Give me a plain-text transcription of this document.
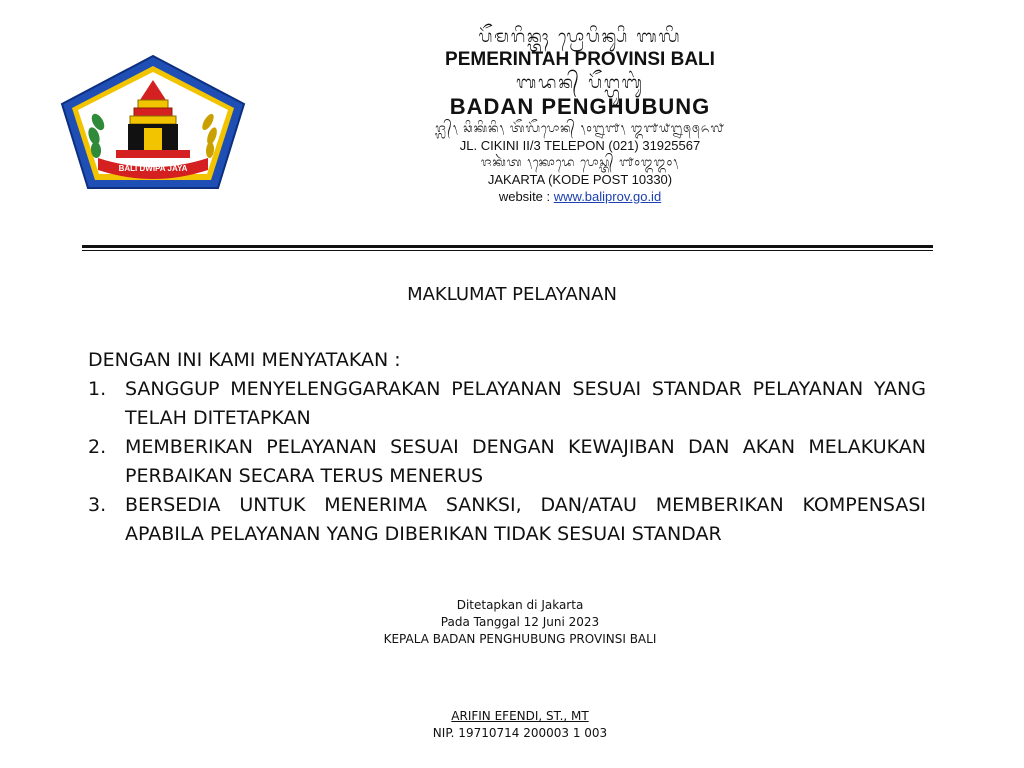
BALI DWIPA JAYA
ᬧᭂᬫᬭᬶᬦ᭄ᬢᬄ ᬧ᭄ᬭᭀᬧᬶᬦ᭄ᬲᬶ ᬩᬮᬶ
PEMERINTAH PROVINSI BALI
ᬩᬤᬦ᭄ ᬧᭂᬗ᭄ᬳᬸᬩᬸᬂ
BADAN PENGHUBUNG
ᬚ᭄ᬮ᭄᭞ ᬘᬶᬓᬶᬦᬶ᭞ ᬢᭂᬮᭂᬧᭀᬦ᭄ ᭞᭐᭒᭑᭞ ᭓᭑᭙᭒᭕᭕᭖᭗
JL. CIKINI II/3 TELEPON (021) 31925567
ᬚᬓᬃᬢ ᭞ᬓᭀᬤᬾ ᬧᭀᬲ᭄ᬢ᭄ ᭑᭐᭓᭓᭐᭞
JAKARTA (KODE POST 10330)
website : www.baliprov.go.id
MAKLUMAT PELAYANAN
DENGAN INI KAMI MENYATAKAN :
1. SANGGUP MENYELENGGARAKAN PELAYANAN SESUAI STANDAR PELAYANAN YANG TELAH DITETAPKAN
2. MEMBERIKAN PELAYANAN SESUAI DENGAN KEWAJIBAN DAN AKAN MELAKUKAN PERBAIKAN SECARA TERUS MENERUS
3. BERSEDIA UNTUK MENERIMA SANKSI, DAN/ATAU MEMBERIKAN KOMPENSASI APABILA PELAYANAN YANG DIBERIKAN TIDAK SESUAI STANDAR
Ditetapkan di Jakarta
Pada Tanggal 12 Juni 2023
KEPALA BADAN PENGHUBUNG PROVINSI BALI
ARIFIN EFENDI, ST., MT
NIP. 19710714 200003 1 003
